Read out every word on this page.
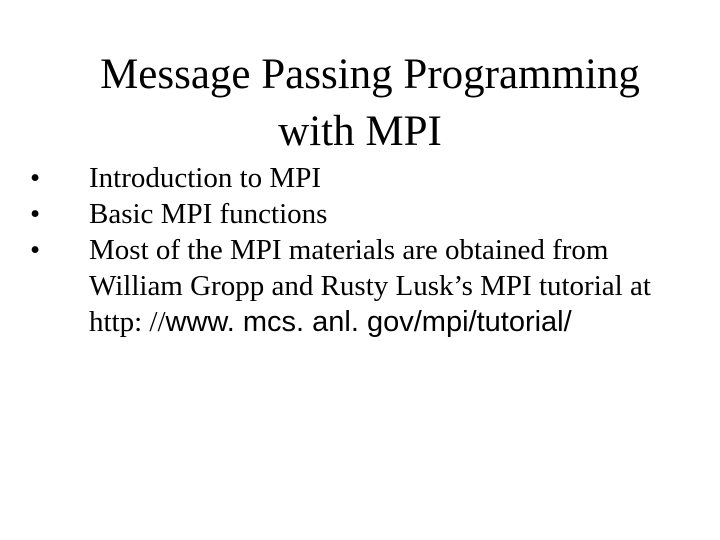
Message Passing Programming
with MPI
•	Introduction to MPI
•	Basic MPI functions
•	Most of the MPI materials are obtained from William Gropp and Rusty Lusk’s MPI tutorial at
http: //www. mcs. anl. gov/mpi/tutorial/
